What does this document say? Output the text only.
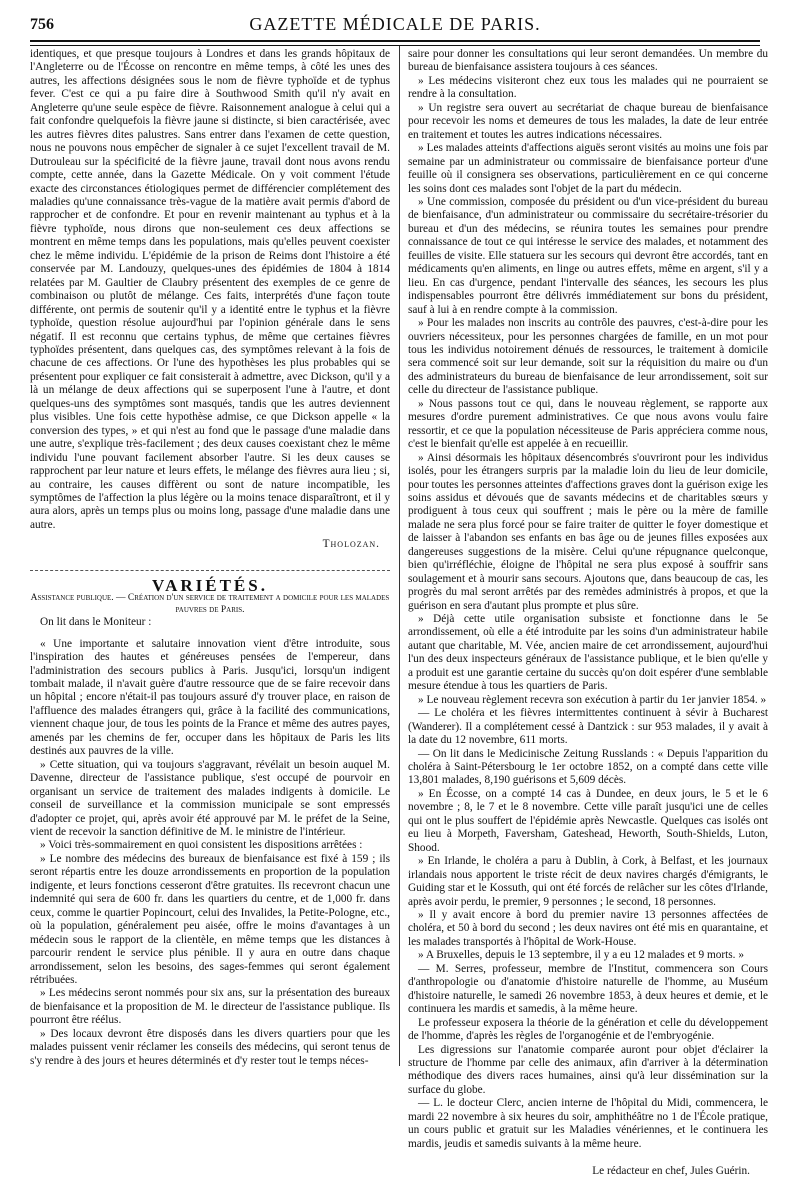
756	GAZETTE MÉDICALE DE PARIS.

identiques, et que presque toujours à Londres et dans les grands hôpitaux de l'Angleterre ou de l'Écosse on rencontre en même temps, à côté les unes des autres, les affections désignées sous le nom de fièvre typhoïde et de typhus fever. C'est ce qui a pu faire dire à Southwood Smith qu'il n'y avait en Angleterre qu'une seule espèce de fièvre. Raisonnement analogue à celui qui a fait confondre quelquefois la fièvre jaune si distincte, si bien caractérisée, avec les autres fièvres dites palustres. Sans entrer dans l'examen de cette question, nous ne pouvons nous empêcher de signaler à ce sujet l'excellent travail de M. Dutrouleau sur la spécificité de la fièvre jaune, travail dont nous avons rendu compte, cette année, dans la Gazette Médicale. On y voit comment l'étude exacte des circonstances étiologiques permet de différencier complétement des maladies qu'une connaissance très-vague de la matière avait permis d'abord de rapprocher et de confondre. Et pour en revenir maintenant au typhus et à la fièvre typhoïde, nous dirons que non-seulement ces deux affections se montrent en même temps dans les populations, mais qu'elles peuvent coexister chez le même individu. L'épidémie de la prison de Reims dont l'histoire a été conservée par M. Landouzy, quelques-unes des épidémies de 1804 à 1814 relatées par M. Gaultier de Claubry présentent des exemples de ce genre de combinaison ou plutôt de mélange. Ces faits, interprétés d'une façon toute différente, ont permis de soutenir qu'il y a identité entre le typhus et la fièvre typhoïde, question résolue aujourd'hui par l'opinion générale dans le sens négatif. Il est reconnu que certains typhus, de même que certaines fièvres typhoïdes présentent, dans quelques cas, des symptômes relevant à la fois de chacune de ces affections. Or l'une des hypothèses les plus probables qui se présentent pour expliquer ce fait consisterait à admettre, avec Dickson, qu'il y a là un mélange de deux affections qui se superposent l'une à l'autre, et dont quelques-uns des symptômes sont masqués, tandis que les autres deviennent plus visibles. Une fois cette hypothèse admise, ce que Dickson appelle « la conversion des types, » et qui n'est au fond que le passage d'une maladie dans une autre, s'explique très-facilement ; des deux causes coexistant chez le même individu l'une pouvant facilement absorber l'autre. Si les deux causes se rapprochent par leur nature et leurs effets, le mélange des fièvres aura lieu ; si, au contraire, les causes diffèrent ou sont de nature incompatible, les symptômes de l'affection la plus légère ou la moins tenace disparaîtront, et il y aura alors, après un temps plus ou moins long, passage d'une maladie dans une autre.

Tholozan.

VARIÉTÉS.

Assistance publique. — Création d'un service de traitement a domicile pour les malades pauvres de Paris.

On lit dans le Moniteur :

« Une importante et salutaire innovation vient d'être introduite, sous l'inspiration des hautes et généreuses pensées de l'empereur, dans l'administration des secours publics à Paris. Jusqu'ici, lorsqu'un indigent tombait malade, il n'avait guère d'autre ressource que de se faire recevoir dans un hôpital ; encore n'était-il pas toujours assuré d'y trouver place, en raison de l'affluence des malades étrangers qui, grâce à la facilité des communications, viennent chaque jour, de tous les points de la France et même des autres payes, amenés par les chemins de fer, occuper dans les hôpitaux de Paris les lits destinés aux pauvres de la ville.

» Cette situation, qui va toujours s'aggravant, révélait un besoin auquel M. Davenne, directeur de l'assistance publique, s'est occupé de pourvoir en organisant un service de traitement des malades indigents à domicile. Le conseil de surveillance et la commission municipale se sont empressés d'adopter ce projet, qui, après avoir été approuvé par M. le préfet de la Seine, vient de recevoir la sanction définitive de M. le ministre de l'intérieur.

» Voici très-sommairement en quoi consistent les dispositions arrêtées :

» Le nombre des médecins des bureaux de bienfaisance est fixé à 159 ; ils seront répartis entre les douze arrondissements en proportion de la population indigente, et leurs fonctions cesseront d'être gratuites. Ils recevront chacun une indemnité qui sera de 600 fr. dans les quartiers du centre, et de 1,000 fr. dans ceux, comme le quartier Popincourt, celui des Invalides, la Petite-Pologne, etc., où la population, généralement peu aisée, offre le moins d'avantages à un médecin sous le rapport de la clientèle, en même temps que les distances à parcourir rendent le service plus pénible. Il y aura en outre dans chaque arrondissement, selon les besoins, des sages-femmes qui seront également rétribuées.

» Les médecins seront nommés pour six ans, sur la présentation des bureaux de bienfaisance et la proposition de M. le directeur de l'assistance publique. Ils pourront être réélus.

» Des locaux devront être disposés dans les divers quartiers pour que les malades puissent venir réclamer les conseils des médecins, qui seront tenus de s'y rendre à des jours et heures déterminés et d'y rester tout le temps néces-

saire pour donner les consultations qui leur seront demandées. Un membre du bureau de bienfaisance assistera toujours à ces séances.

» Les médecins visiteront chez eux tous les malades qui ne pourraient se rendre à la consultation.

» Un registre sera ouvert au secrétariat de chaque bureau de bienfaisance pour recevoir les noms et demeures de tous les malades, la date de leur entrée en traitement et toutes les autres indications nécessaires.

» Les malades atteints d'affections aiguës seront visités au moins une fois par semaine par un administrateur ou commissaire de bienfaisance porteur d'une feuille où il consignera ses observations, particulièrement en ce qui concerne les soins dont ces malades sont l'objet de la part du médecin.

» Une commission, composée du président ou d'un vice-président du bureau de bienfaisance, d'un administrateur ou commissaire du secrétaire-trésorier du bureau et d'un des médecins, se réunira toutes les semaines pour prendre connaissance de tout ce qui intéresse le service des malades, et notamment des feuilles de visite. Elle statuera sur les secours qui devront être accordés, tant en médicaments qu'en aliments, en linge ou autres effets, même en argent, s'il y a lieu. En cas d'urgence, pendant l'intervalle des séances, les secours les plus indispensables pourront être délivrés immédiatement sur bons du président, sauf à lui à en rendre compte à la commission.

» Pour les malades non inscrits au contrôle des pauvres, c'est-à-dire pour les ouvriers nécessiteux, pour les personnes chargées de famille, en un mot pour tous les individus notoirement dénués de ressources, le traitement à domicile sera commencé soit sur leur demande, soit sur la réquisition du maire ou d'un des administrateurs du bureau de bienfaisance de leur arrondissement, soit sur celle du directeur de l'assistance publique.

» Nous passons tout ce qui, dans le nouveau règlement, se rapporte aux mesures d'ordre purement administratives. Ce que nous avons voulu faire ressortir, et ce que la population nécessiteuse de Paris appréciera comme nous, c'est le bienfait qu'elle est appelée à en recueillir.

» Ainsi désormais les hôpitaux désencombrés s'ouvriront pour les individus isolés, pour les étrangers surpris par la maladie loin du lieu de leur domicile, pour toutes les personnes atteintes d'affections graves dont la guérison exige les soins assidus et dévoués que de savants médecins et de charitables sœurs y prodiguent à tous ceux qui souffrent ; mais le père ou la mère de famille malade ne sera plus forcé pour se faire traiter de quitter le foyer domestique et de laisser à l'abandon ses enfants en bas âge ou de jeunes filles exposées aux dangereuses suggestions de la misère. Celui qu'une répugnance quelconque, bien qu'irréfléchie, éloigne de l'hôpital ne sera plus exposé à souffrir sans soulagement et à mourir sans secours. Ajoutons que, dans beaucoup de cas, les progrès du mal seront arrêtés par des remèdes administrés à propos, et que la guérison en sera d'autant plus prompte et plus sûre.

» Déjà cette utile organisation subsiste et fonctionne dans le 5e arrondissement, où elle a été introduite par les soins d'un administrateur habile autant que charitable, M. Vée, ancien maire de cet arrondissement, aujourd'hui l'un des deux inspecteurs généraux de l'assistance publique, et le bien qu'elle y a produit est une garantie certaine du succès qu'on doit espérer d'une semblable mesure étendue à tous les quartiers de Paris.

» Le nouveau règlement recevra son exécution à partir du 1er janvier 1854. »

— Le choléra et les fièvres intermittentes continuent à sévir à Bucharest (Wanderer). Il a complétement cessé à Dantzick : sur 953 malades, il y avait à la date du 12 novembre, 611 morts.

— On lit dans le Medicinische Zeitung Russlands : « Depuis l'apparition du choléra à Saint-Pétersbourg le 1er octobre 1852, on a compté dans cette ville 13,801 malades, 8,190 guérisons et 5,609 décès.

» En Écosse, on a compté 14 cas à Dundee, en deux jours, le 5 et le 6 novembre ; 8, le 7 et le 8 novembre. Cette ville paraît jusqu'ici une de celles qui ont le plus souffert de l'épidémie après Newcastle. Quelques cas isolés ont eu lieu à Morpeth, Faversham, Gateshead, Heworth, South-Shields, Luton, Shood.

» En Irlande, le choléra a paru à Dublin, à Cork, à Belfast, et les journaux irlandais nous apportent le triste récit de deux navires chargés d'émigrants, le Guiding star et le Kossuth, qui ont été forcés de relâcher sur les côtes d'Irlande, après avoir perdu, le premier, 9 personnes ; le second, 18 personnes.

» Il y avait encore à bord du premier navire 13 personnes affectées de choléra, et 50 à bord du second ; les deux navires ont été mis en quarantaine, et les malades transportés à l'hôpital de Work-House.

» A Bruxelles, depuis le 13 septembre, il y a eu 12 malades et 9 morts. »

— M. Serres, professeur, membre de l'Institut, commencera son Cours d'anthropologie ou d'anatomie d'histoire naturelle de l'homme, au Muséum d'histoire naturelle, le samedi 26 novembre 1853, à deux heures et demie, et le continuera les mardis et samedis, à la même heure.

Le professeur exposera la théorie de la génération et celle du développement de l'homme, d'après les règles de l'organogénie et de l'embryogénie.

Les digressions sur l'anatomie comparée auront pour objet d'éclairer la structure de l'homme par celle des animaux, afin d'arriver à la détermination méthodique des divers races humaines, ainsi qu'à leur dissémination sur la surface du globe.

— L. le docteur Clerc, ancien interne de l'hôpital du Midi, commencera, le mardi 22 novembre à six heures du soir, amphithéâtre no 1 de l'École pratique, un cours public et gratuit sur les Maladies vénériennes, et le continuera les mardis, jeudis et samedis suivants à la même heure.

Le rédacteur en chef, Jules Guérin.
